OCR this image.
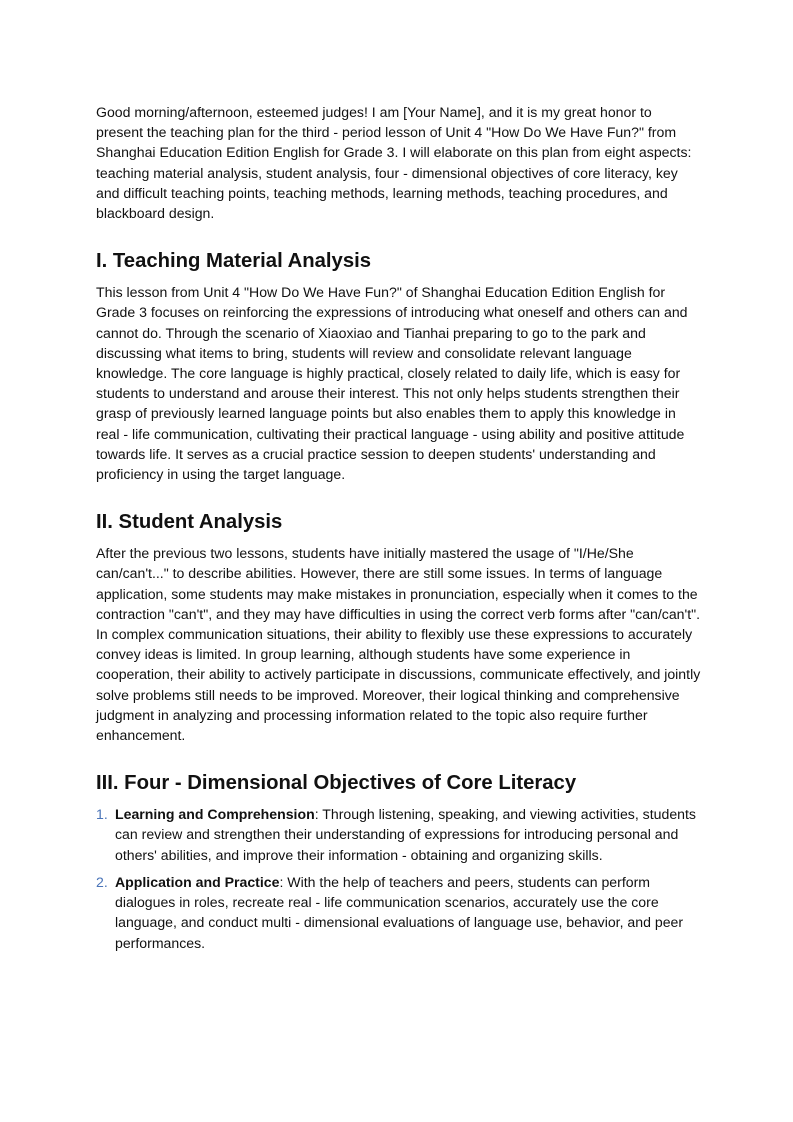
Good morning/afternoon, esteemed judges! I am [Your Name], and it is my great honor to present the teaching plan for the third - period lesson of Unit 4 "How Do We Have Fun?" from Shanghai Education Edition English for Grade 3. I will elaborate on this plan from eight aspects: teaching material analysis, student analysis, four - dimensional objectives of core literacy, key and difficult teaching points, teaching methods, learning methods, teaching procedures, and blackboard design.

I. Teaching Material Analysis

This lesson from Unit 4 "How Do We Have Fun?" of Shanghai Education Edition English for Grade 3 focuses on reinforcing the expressions of introducing what oneself and others can and cannot do. Through the scenario of Xiaoxiao and Tianhai preparing to go to the park and discussing what items to bring, students will review and consolidate relevant language knowledge. The core language is highly practical, closely related to daily life, which is easy for students to understand and arouse their interest. This not only helps students strengthen their grasp of previously learned language points but also enables them to apply this knowledge in real - life communication, cultivating their practical language - using ability and positive attitude towards life. It serves as a crucial practice session to deepen students' understanding and proficiency in using the target language.

II. Student Analysis

After the previous two lessons, students have initially mastered the usage of "I/He/She can/can't..." to describe abilities. However, there are still some issues. In terms of language application, some students may make mistakes in pronunciation, especially when it comes to the contraction "can't", and they may have difficulties in using the correct verb forms after "can/can't". In complex communication situations, their ability to flexibly use these expressions to accurately convey ideas is limited. In group learning, although students have some experience in cooperation, their ability to actively participate in discussions, communicate effectively, and jointly solve problems still needs to be improved. Moreover, their logical thinking and comprehensive judgment in analyzing and processing information related to the topic also require further enhancement.

III. Four - Dimensional Objectives of Core Literacy
1. Learning and Comprehension: Through listening, speaking, and viewing activities, students can review and strengthen their understanding of expressions for introducing personal and others' abilities, and improve their information - obtaining and organizing skills.
2. Application and Practice: With the help of teachers and peers, students can perform dialogues in roles, recreate real - life communication scenarios, accurately use the core language, and conduct multi - dimensional evaluations of language use, behavior, and peer performances.
